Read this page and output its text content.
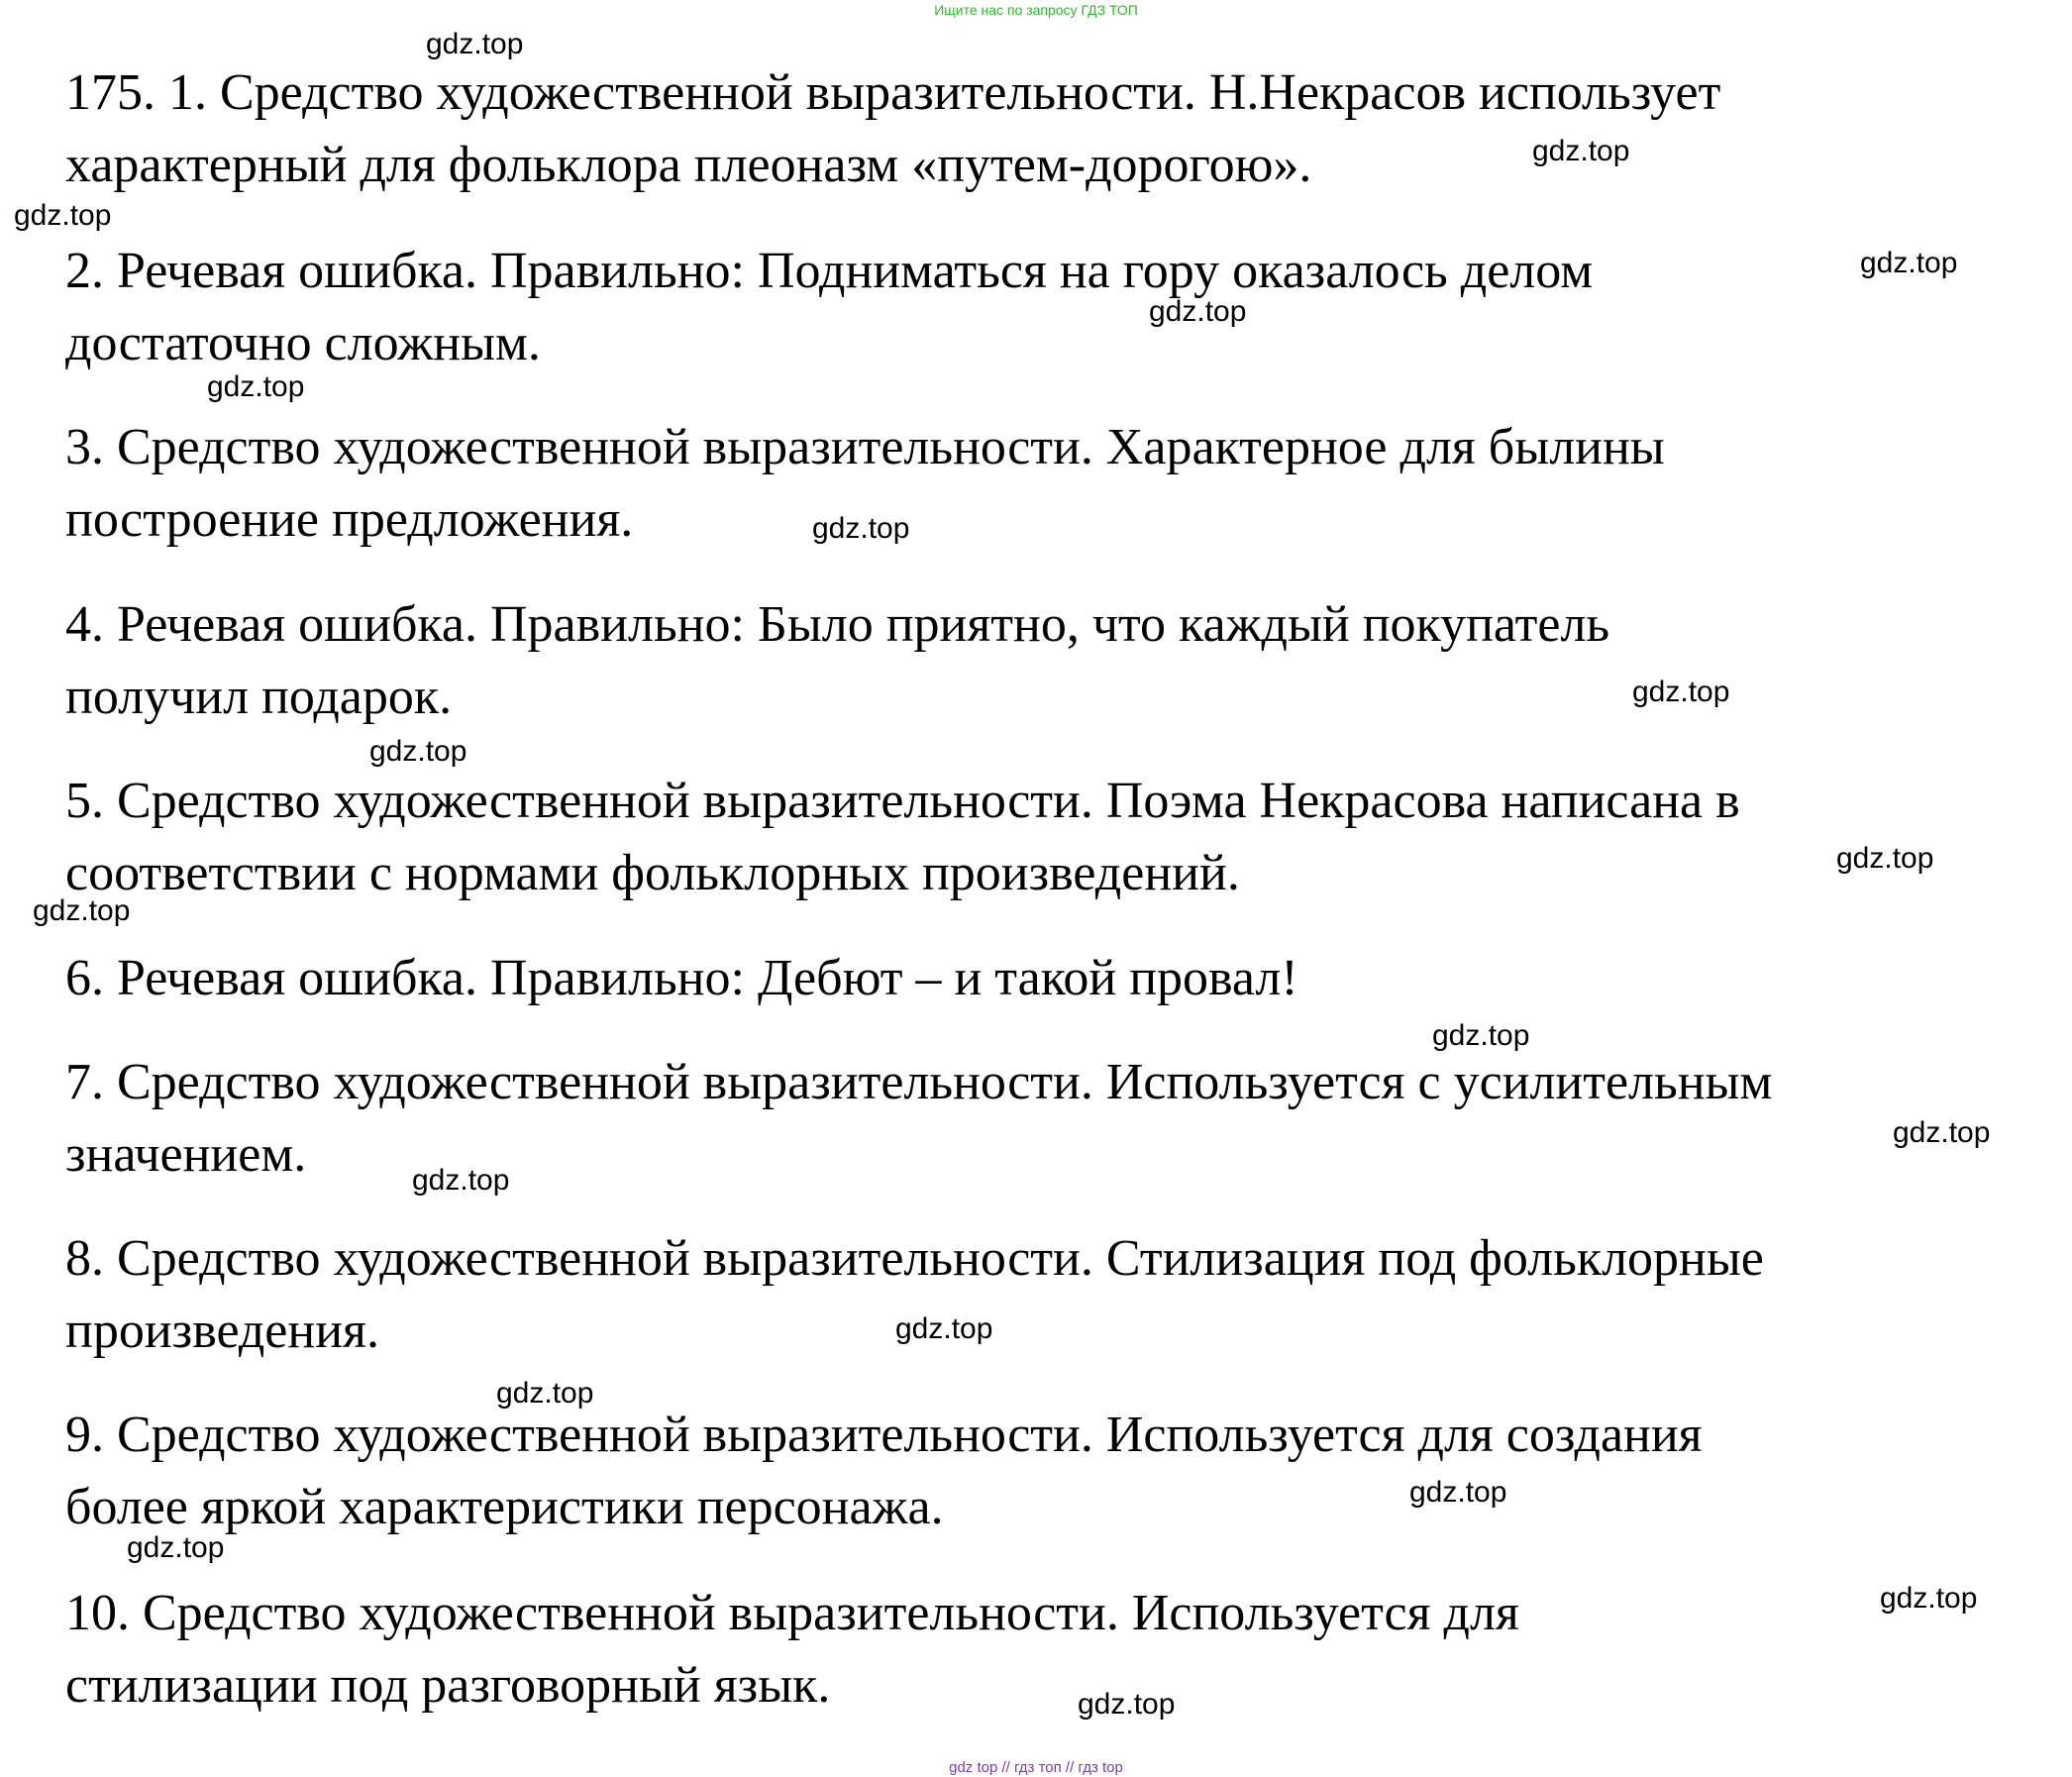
Ищите нас по запросу ГДЗ ТОП
175. 1. Средство художественной выразительности. Н.Некрасов использует
характерный для фольклора плеоназм «путем-дорогою».
2. Речевая ошибка. Правильно: Подниматься на гору оказалось делом
достаточно сложным.
3. Средство художественной выразительности. Характерное для былины
построение предложения.
4. Речевая ошибка. Правильно: Было приятно, что каждый покупатель
получил подарок.
5. Средство художественной выразительности. Поэма Некрасова написана в
соответствии с нормами фольклорных произведений.
6. Речевая ошибка. Правильно: Дебют – и такой провал!
7. Средство художественной выразительности. Используется с усилительным
значением.
8. Средство художественной выразительности. Стилизация под фольклорные
произведения.
9. Средство художественной выразительности. Используется для создания
более яркой характеристики персонажа.
10. Средство художественной выразительности. Используется для
стилизации под разговорный язык.
gdz.top
gdz.top
gdz.top
gdz.top
gdz.top
gdz.top
gdz.top
gdz.top
gdz.top
gdz.top
gdz.top
gdz.top
gdz.top
gdz.top
gdz.top
gdz.top
gdz.top
gdz.top
gdz.top
gdz.top
gdz top // гдз топ // гдз top
